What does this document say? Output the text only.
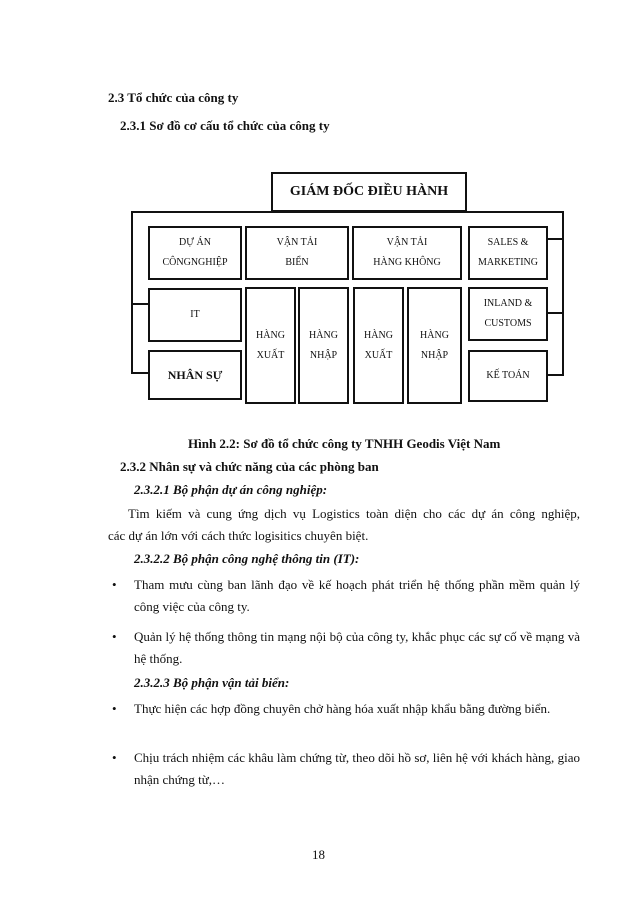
2.3 Tổ chức của công ty
2.3.1 Sơ đồ cơ cấu tổ chức của công ty
GIÁM ĐỐC ĐIỀU HÀNH
DỰ ÁN
CÔNGNGHIỆP
IT
NHÂN SỰ
VẬN TẢI
BIỂN
VẬN TẢI
HÀNG KHÔNG
HÀNG
XUẤT
HÀNG
NHẬP
HÀNG
XUẤT
HÀNG
NHẬP
SALES &
MARKETING
INLAND &
CUSTOMS
KẾ TOÁN
Hình 2.2: Sơ đồ tổ chức công ty TNHH Geodis Việt Nam
2.3.2 Nhân sự và chức năng của các phòng ban
2.3.2.1 Bộ phận dự án công nghiệp:
Tìm kiếm và cung ứng dịch vụ Logistics toàn diện cho các dự án công nghiệp,
các dự án lớn với cách thức logisitics chuyên biệt.
2.3.2.2 Bộ phận công nghệ thông tin (IT):
• Tham mưu cùng ban lãnh đạo về kế hoạch phát triển hệ thống phần mềm quản lý công việc của công ty.
• Quản lý hệ thống thông tin mạng nội bộ của công ty, khắc phục các sự cố về mạng và hệ thống.
2.3.2.3 Bộ phận vận tải biển:
• Thực hiện các hợp đồng chuyên chở hàng hóa xuất nhập khẩu bằng đường biển.
• Chịu trách nhiệm các khâu làm chứng từ, theo dõi hồ sơ, liên hệ với khách hàng, giao nhận chứng từ,…
18
